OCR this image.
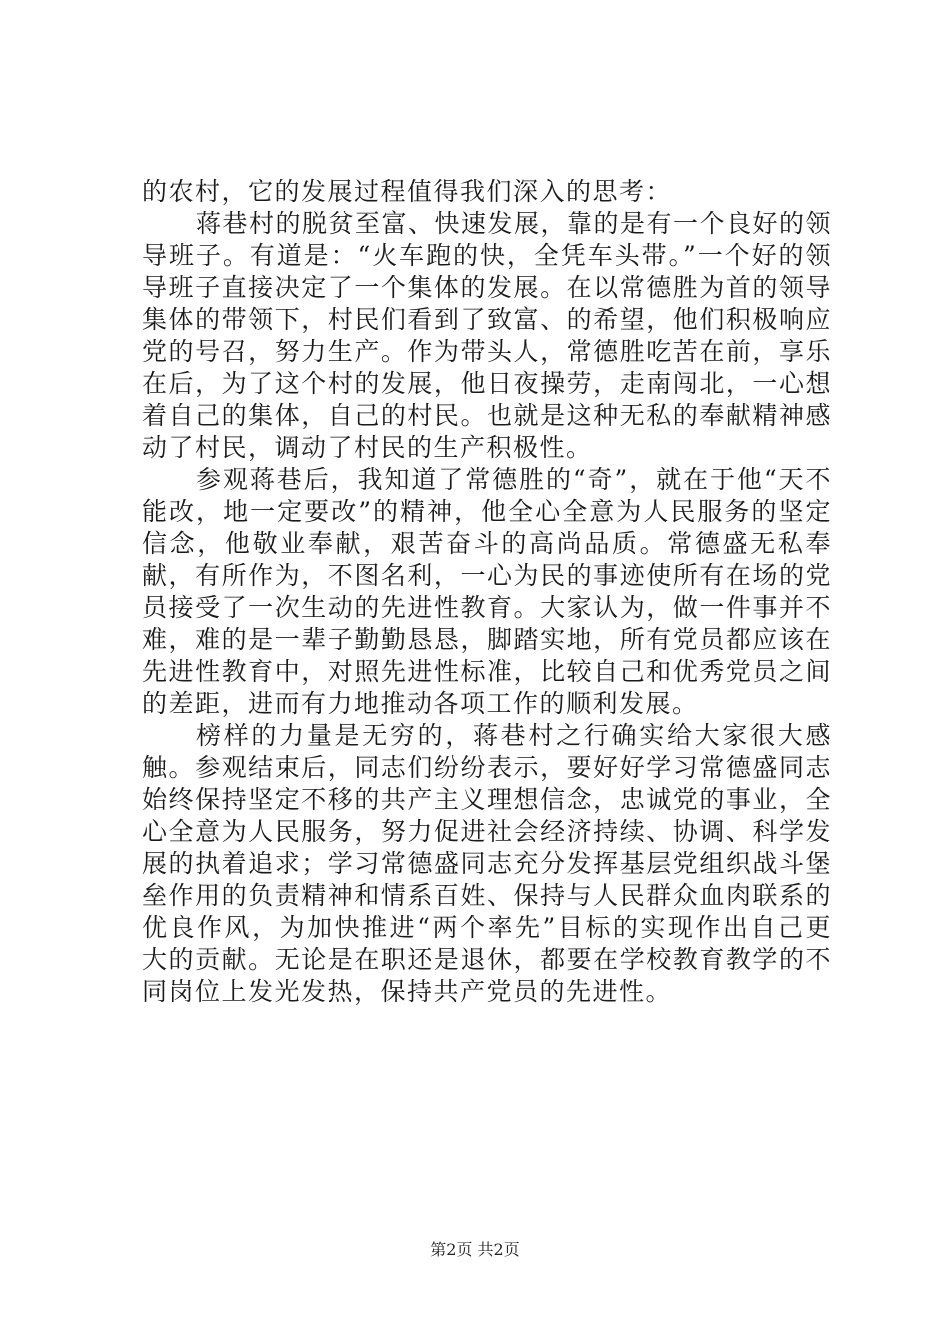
的农村，它的发展过程值得我们深入的思考：

蒋巷村的脱贫至富、快速发展，靠的是有一个良好的领导班子。有道是：“火车跑的快，全凭车头带。”一个好的领导班子直接决定了一个集体的发展。在以常德胜为首的领导集体的带领下，村民们看到了致富、的希望，他们积极响应党的号召，努力生产。作为带头人，常德胜吃苦在前，享乐在后，为了这个村的发展，他日夜操劳，走南闯北，一心想着自己的集体，自己的村民。也就是这种无私的奉献精神感动了村民，调动了村民的生产积极性。

参观蒋巷后，我知道了常德胜的“奇”，就在于他“天不能改，地一定要改”的精神，他全心全意为人民服务的坚定信念，他敬业奉献，艰苦奋斗的高尚品质。常德盛无私奉献，有所作为，不图名利，一心为民的事迹使所有在场的党员接受了一次生动的先进性教育。大家认为，做一件事并不难，难的是一辈子勤勤恳恳，脚踏实地，所有党员都应该在先进性教育中，对照先进性标准，比较自己和优秀党员之间的差距，进而有力地推动各项工作的顺利发展。

榜样的力量是无穷的，蒋巷村之行确实给大家很大感触。参观结束后，同志们纷纷表示，要好好学习常德盛同志始终保持坚定不移的共产主义理想信念，忠诚党的事业，全心全意为人民服务，努力促进社会经济持续、协调、科学发展的执着追求；学习常德盛同志充分发挥基层党组织战斗堡垒作用的负责精神和情系百姓、保持与人民群众血肉联系的优良作风，为加快推进“两个率先”目标的实现作出自己更大的贡献。无论是在职还是退休，都要在学校教育教学的不同岗位上发光发热，保持共产党员的先进性。

第2页 共2页
